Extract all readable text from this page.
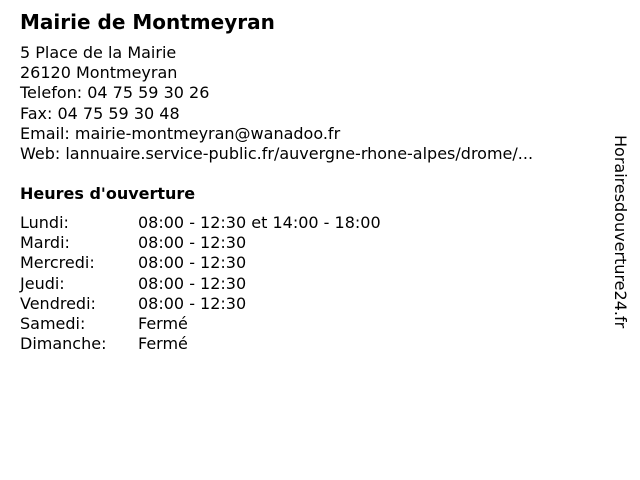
Mairie de Montmeyran
5 Place de la Mairie
26120 Montmeyran
Telefon: 04 75 59 30 26
Fax: 04 75 59 30 48
Email: mairie-montmeyran@wanadoo.fr
Web: lannuaire.service-public.fr/auvergne-rhone-alpes/drome/...
Heures d'ouverture
Lundi:	08:00 - 12:30 et 14:00 - 18:00
Mardi:	08:00 - 12:30
Mercredi:	08:00 - 12:30
Jeudi:	08:00 - 12:30
Vendredi:	08:00 - 12:30
Samedi:	Fermé
Dimanche: Fermé
Horairesdouverture24.fr
